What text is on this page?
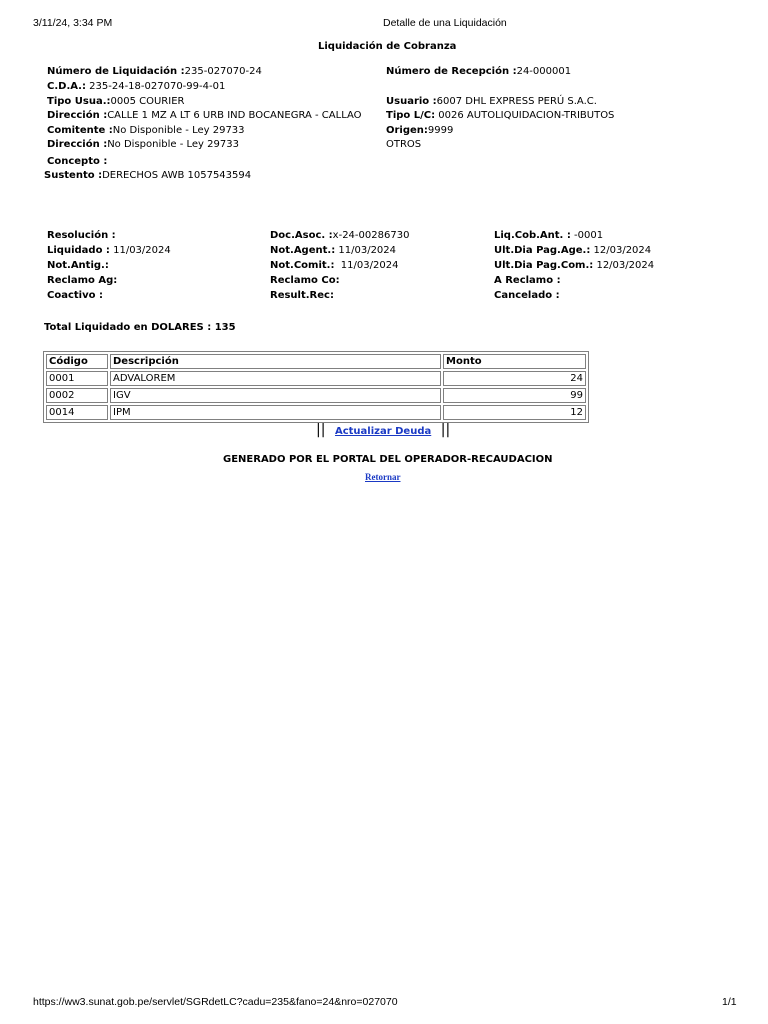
3/11/24, 3:34 PM	Detalle de una Liquidación
Liquidación de Cobranza
Número de Liquidación :235-027070-24
C.D.A.: 235-24-18-027070-99-4-01
Tipo Usua.:0005 COURIER
Dirección :CALLE 1 MZ A LT 6 URB IND BOCANEGRA - CALLAO
Comitente :No Disponible - Ley 29733
Dirección :No Disponible - Ley 29733
Concepto :
Sustento :DERECHOS AWB 1057543594
Número de Recepción :24-000001
Usuario :6007 DHL EXPRESS PERÚ S.A.C.
Tipo L/C: 0026 AUTOLIQUIDACION-TRIBUTOS
Origen:9999
OTROS
Resolución :
Liquidado : 11/03/2024
Not.Antig.:
Reclamo Ag:
Coactivo :
Doc.Asoc. :x-24-00286730
Not.Agent.: 11/03/2024
Not.Comit.:  11/03/2024
Reclamo Co:
Result.Rec:
Liq.Cob.Ant. : -0001
Ult.Dia Pag.Age.: 12/03/2024
Ult.Dia Pag.Com.: 12/03/2024
A Reclamo :
Cancelado :
Total Liquidado en DOLARES : 135
Código	Descripción	Monto
0001	ADVALOREM	24
0002	IGV	99
0014	IPM	12
|| Actualizar Deuda ||
GENERADO POR EL PORTAL DEL OPERADOR-RECAUDACION
Retornar
https://ww3.sunat.gob.pe/servlet/SGRdetLC?cadu=235&fano=24&nro=027070	1/1
